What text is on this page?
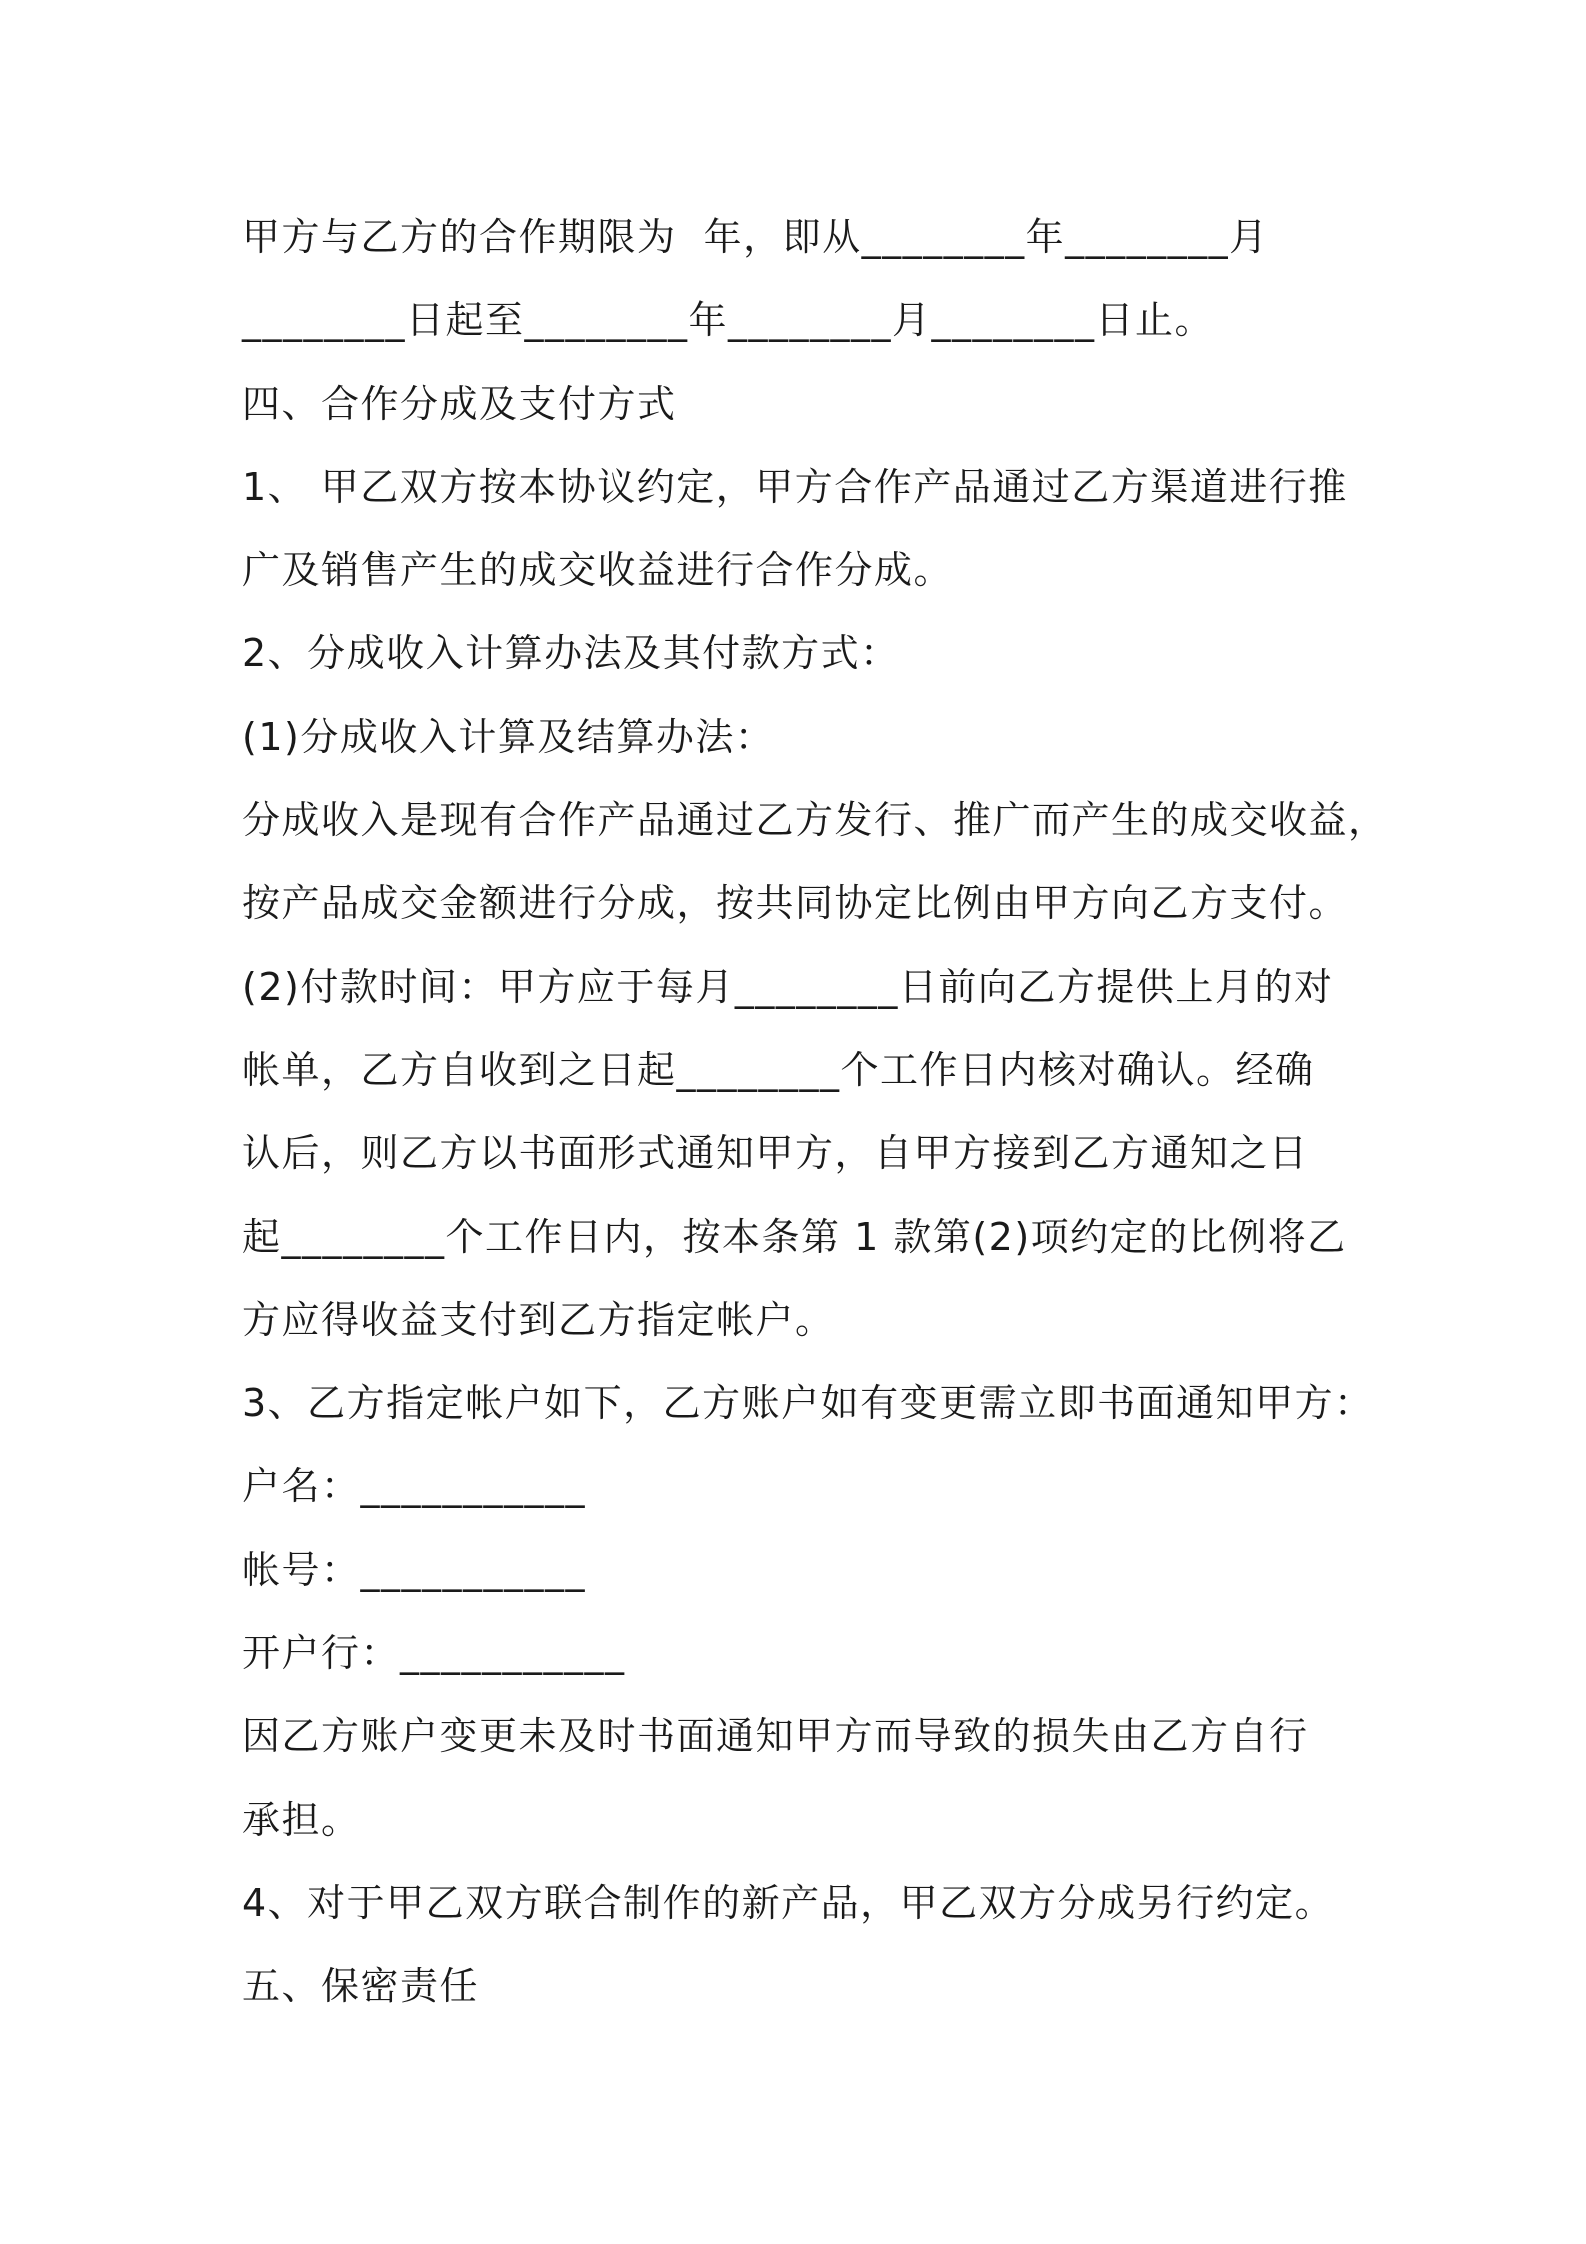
甲方与乙方的合作期限为  年，即从________年________月
________日起至________年________月________日止。
四、合作分成及支付方式
1、 甲乙双方按本协议约定，甲方合作产品通过乙方渠道进行推
广及销售产生的成交收益进行合作分成。
2、分成收入计算办法及其付款方式：
(1)分成收入计算及结算办法：
分成收入是现有合作产品通过乙方发行、推广而产生的成交收益，
按产品成交金额进行分成，按共同协定比例由甲方向乙方支付。
(2)付款时间：甲方应于每月________日前向乙方提供上月的对
帐单，乙方自收到之日起________个工作日内核对确认。经确
认后，则乙方以书面形式通知甲方，自甲方接到乙方通知之日
起________个工作日内，按本条第 1 款第(2)项约定的比例将乙
方应得收益支付到乙方指定帐户。
3、乙方指定帐户如下，乙方账户如有变更需立即书面通知甲方：
户名：___________
帐号：___________
开户行：___________
因乙方账户变更未及时书面通知甲方而导致的损失由乙方自行
承担。
4、对于甲乙双方联合制作的新产品，甲乙双方分成另行约定。
五、保密责任
